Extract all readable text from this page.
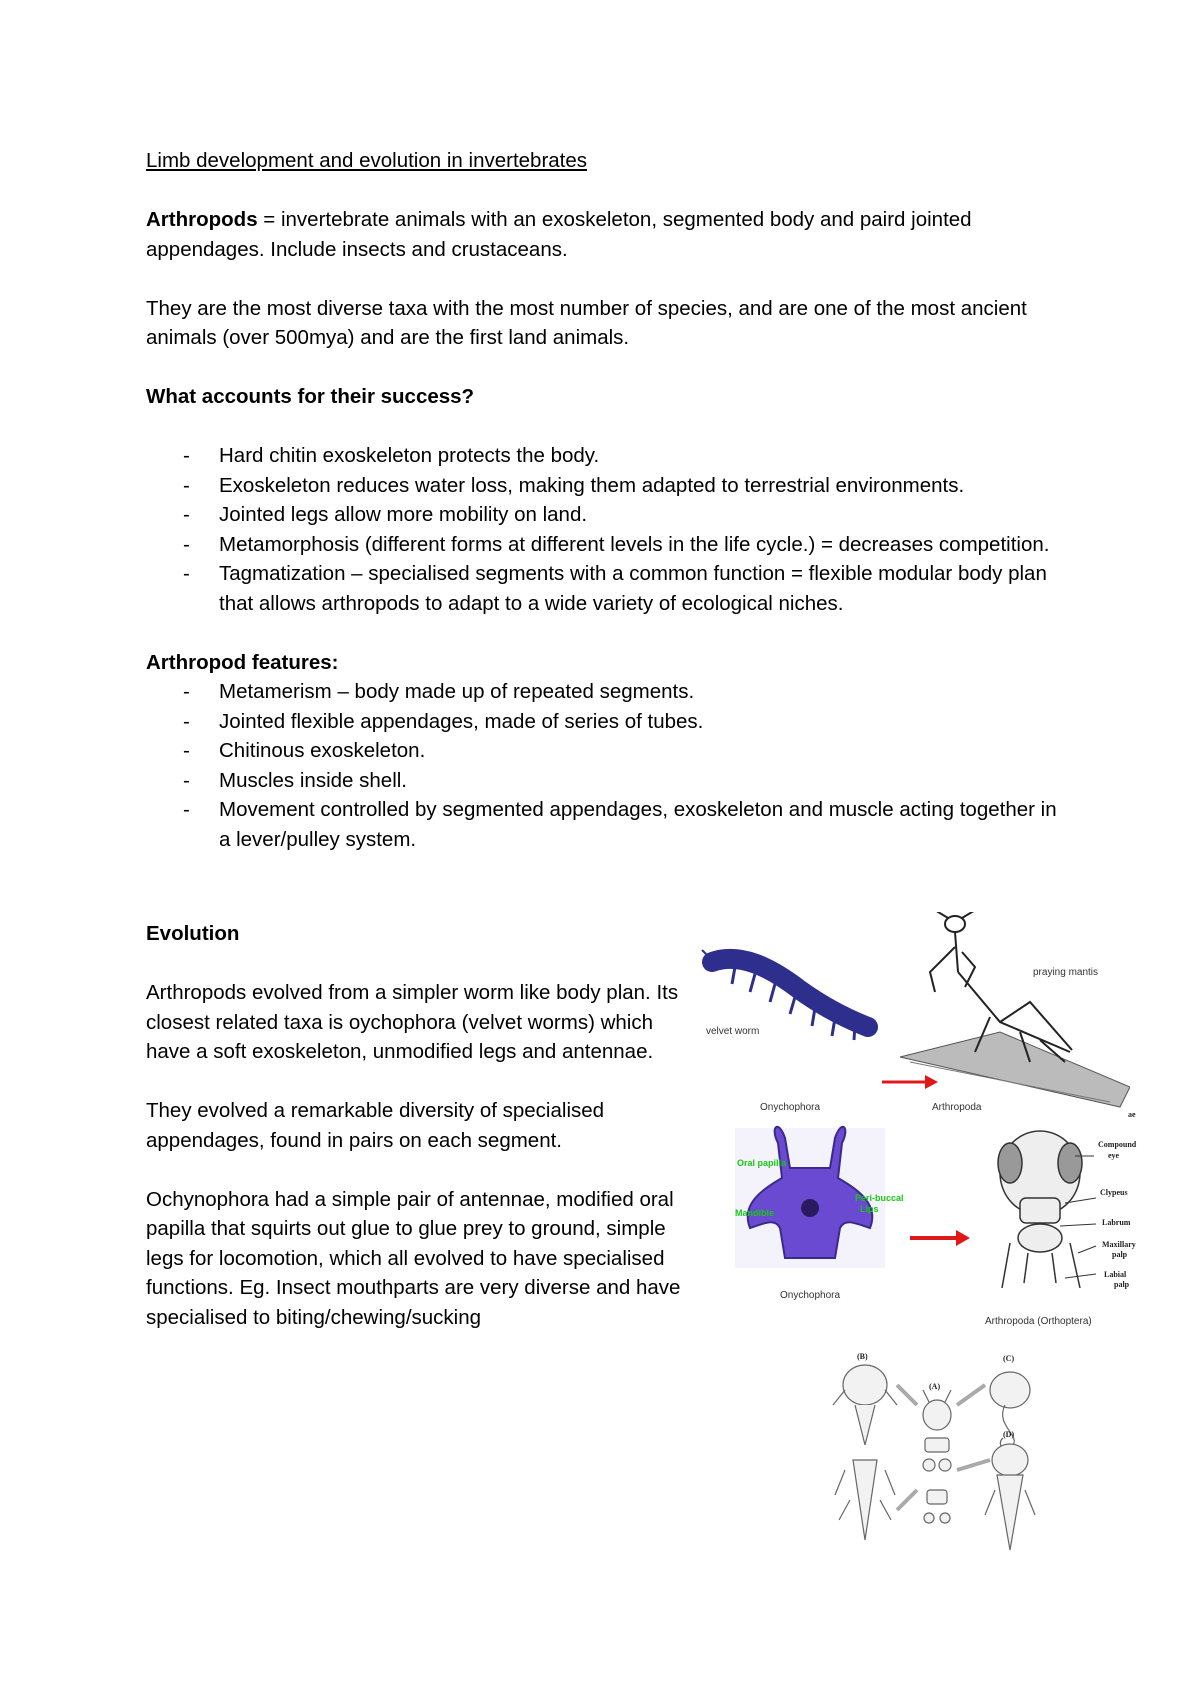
Limb development and evolution in invertebrates

Arthropods = invertebrate animals with an exoskeleton, segmented body and paird jointed appendages. Include insects and crustaceans.

They are the most diverse taxa with the most number of species, and are one of the most ancient animals (over 500mya) and are the first land animals.

What accounts for their success?

- Hard chitin exoskeleton protects the body.
- Exoskeleton reduces water loss, making them adapted to terrestrial environments.
- Jointed legs allow more mobility on land.
- Metamorphosis (different forms at different levels in the life cycle.) = decreases competition.
- Tagmatization – specialised segments with a common function = flexible modular body plan that allows arthropods to adapt to a wide variety of ecological niches.

Arthropod features:

- Metamerism – body made up of repeated segments.
- Jointed flexible appendages, made of series of tubes.
- Chitinous exoskeleton.
- Muscles inside shell.
- Movement controlled by segmented appendages, exoskeleton and muscle acting together in a lever/pulley system.

Evolution

Arthropods evolved from a simpler worm like body plan. Its closest related taxa is oychophora (velvet worms) which have a soft exoskeleton, unmodified legs and antennae.

They evolved a remarkable diversity of specialised appendages, found in pairs on each segment.

Ochynophora had a simple pair of antennae, modified oral papilla that squirts out glue to glue prey to ground, simple legs for locomotion, which all evolved to have specialised functions. Eg. Insect mouthparts are very diverse and have specialised to biting/chewing/sucking

velvet worm
praying mantis
Onychophora	Arthropoda
Oral papilla
Mandible
Peri-buccal
Lips
Onychophora
Arthropoda (Orthoptera)
ae
Compound
eye
Clypeus
Labrum
Maxillary
palp
Labial
palp
(B)	(C)
(A)
(D)
